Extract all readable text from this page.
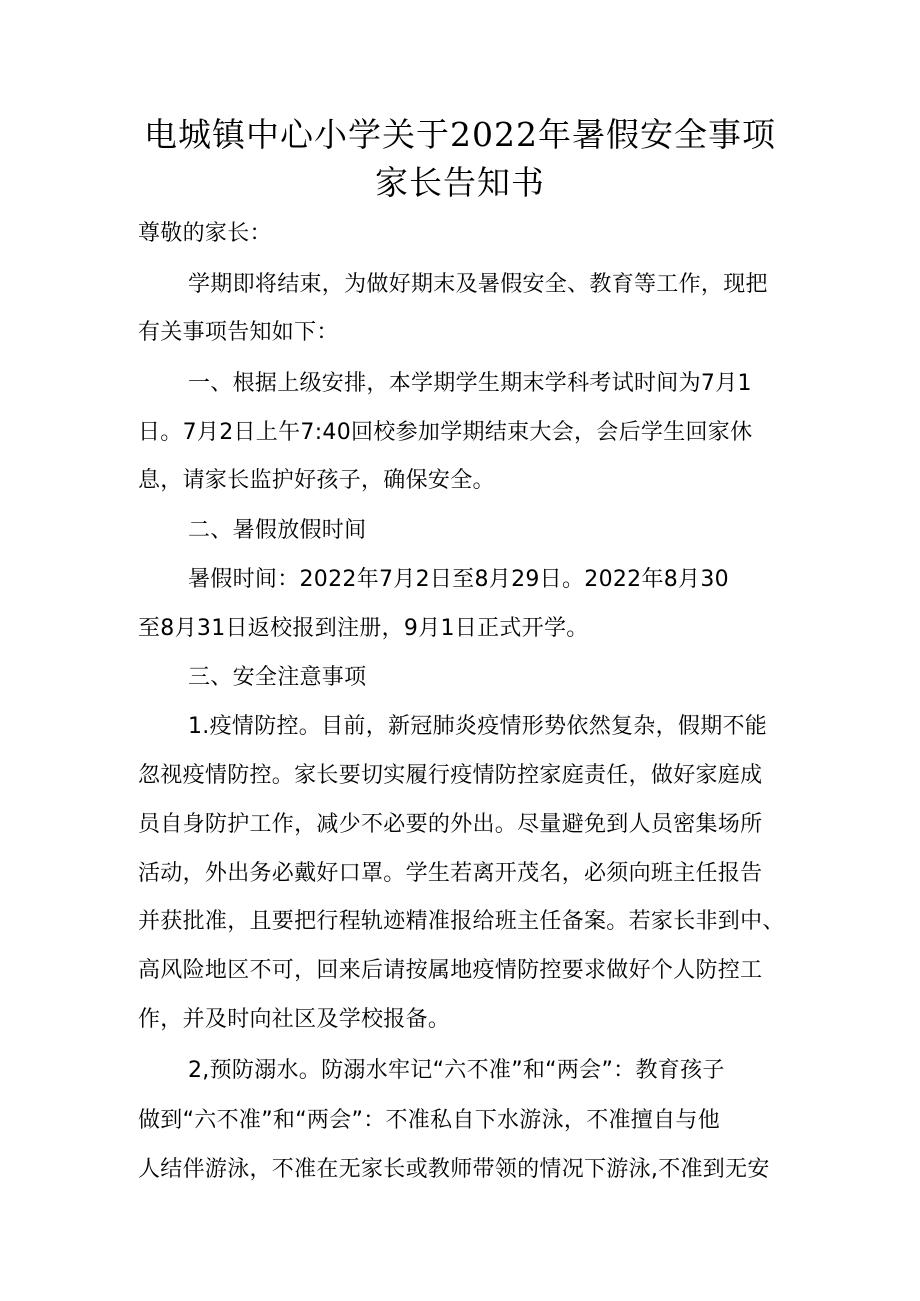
电城镇中心小学关于2022年暑假安全事项
家长告知书
尊敬的家长：
学期即将结束，为做好期末及暑假安全、教育等工作，现把
有关事项告知如下：
一、根据上级安排，本学期学生期末学科考试时间为7月1
日。7月2日上午7:40回校参加学期结束大会，会后学生回家休
息，请家长监护好孩子，确保安全。
二、暑假放假时间
暑假时间：2022年7月2日至8月29日。2022年8月30
至8月31日返校报到注册，9月1日正式开学。
三、安全注意事项
1.疫情防控。目前，新冠肺炎疫情形势依然复杂，假期不能
忽视疫情防控。家长要切实履行疫情防控家庭责任，做好家庭成
员自身防护工作，减少不必要的外出。尽量避免到人员密集场所
活动，外出务必戴好口罩。学生若离开茂名，必须向班主任报告
并获批准，且要把行程轨迹精准报给班主任备案。若家长非到中、
高风险地区不可，回来后请按属地疫情防控要求做好个人防控工
作，并及时向社区及学校报备。
2,预防溺水。防溺水牢记“六不准”和“两会”：教育孩子
做到“六不准”和“两会”：不准私自下水游泳，不准擅自与他
人结伴游泳，不准在无家长或教师带领的情况下游泳,不准到无安
